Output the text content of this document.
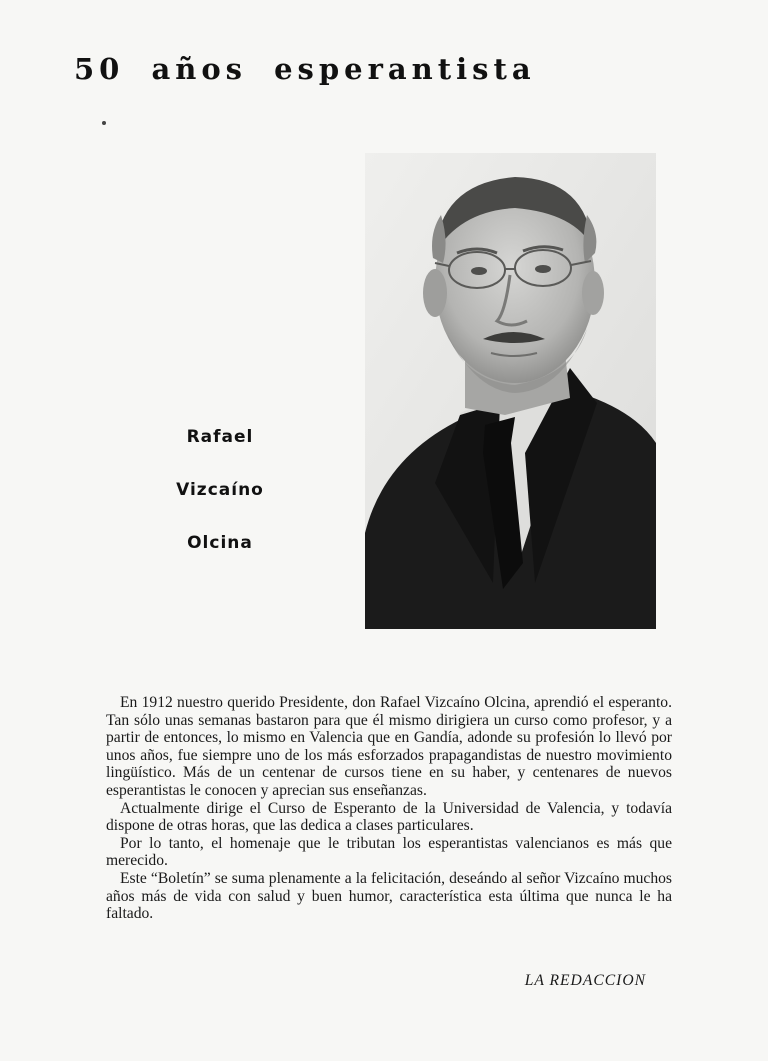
50 años esperantista
Rafael
Vizcaíno
Olcina

En 1912 nuestro querido Presidente, don Rafael Vizcaíno Olcina, aprendió el esperanto. Tan sólo unas semanas bastaron para que él mismo dirigiera un curso como profesor, y a partir de entonces, lo mismo en Valencia que en Gandía, adonde su profesión lo llevó por unos años, fue siempre uno de los más esforzados prapagandistas de nuestro movimiento lingüístico. Más de un centenar de cursos tiene en su haber, y centenares de nuevos esperantistas le conocen y aprecian sus enseñanzas.

Actualmente dirige el Curso de Esperanto de la Universidad de Valencia, y todavía dispone de otras horas, que las dedica a clases particulares.

Por lo tanto, el homenaje que le tributan los esperantistas valencianos es más que merecido.

Este “Boletín” se suma plenamente a la felicitación, deseándo al señor Vizcaíno muchos años más de vida con salud y buen humor, característica esta última que nunca le ha faltado.

LA REDACCION
